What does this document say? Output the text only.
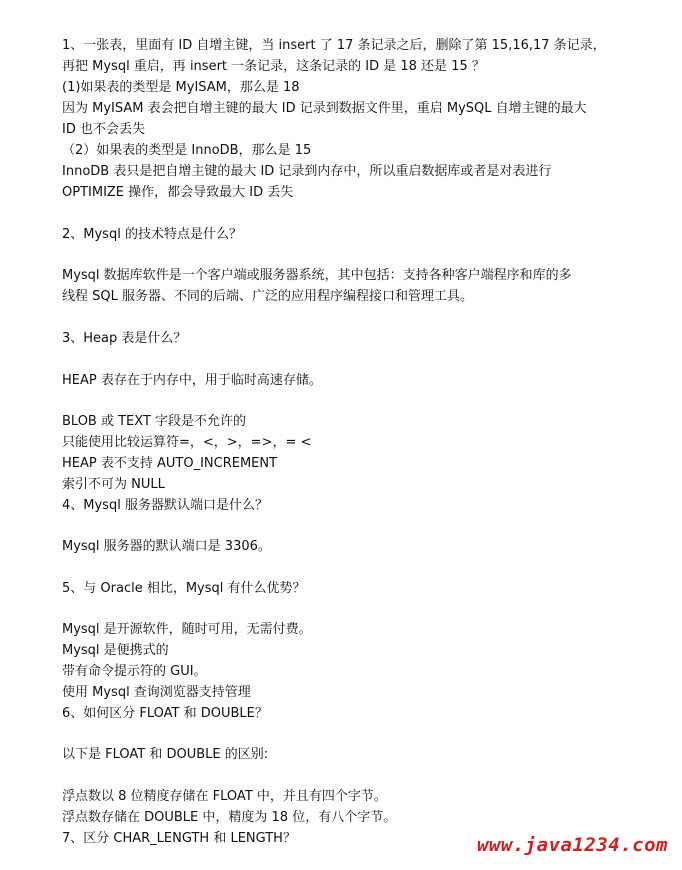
1、一张表，里面有 ID 自增主键，当 insert 了 17 条记录之后，删除了第 15,16,17 条记录，
再把 Mysql 重启，再 insert 一条记录，这条记录的 ID 是 18 还是 15 ？
(1)如果表的类型是 MyISAM，那么是 18
因为 MyISAM 表会把自增主键的最大 ID 记录到数据文件里，重启 MySQL 自增主键的最大
ID 也不会丢失
（2）如果表的类型是 InnoDB，那么是 15
InnoDB 表只是把自增主键的最大 ID 记录到内存中，所以重启数据库或者是对表进行
OPTIMIZE 操作，都会导致最大 ID 丢失
2、Mysql 的技术特点是什么？
Mysql 数据库软件是一个客户端或服务器系统，其中包括：支持各种客户端程序和库的多
线程 SQL 服务器、不同的后端、广泛的应用程序编程接口和管理工具。
3、Heap 表是什么？
HEAP 表存在于内存中，用于临时高速存储。
BLOB 或 TEXT 字段是不允许的
只能使用比较运算符=，<，>，=>，= <
HEAP 表不支持 AUTO_INCREMENT
索引不可为 NULL
4、Mysql 服务器默认端口是什么？
Mysql 服务器的默认端口是 3306。
5、与 Oracle 相比，Mysql 有什么优势？
Mysql 是开源软件，随时可用，无需付费。
Mysql 是便携式的
带有命令提示符的 GUI。
使用 Mysql 查询浏览器支持管理
6、如何区分 FLOAT 和 DOUBLE？
以下是 FLOAT 和 DOUBLE 的区别:
浮点数以 8 位精度存储在 FLOAT 中，并且有四个字节。
浮点数存储在 DOUBLE 中，精度为 18 位，有八个字节。
7、区分 CHAR_LENGTH 和 LENGTH？	www.java1234.com
